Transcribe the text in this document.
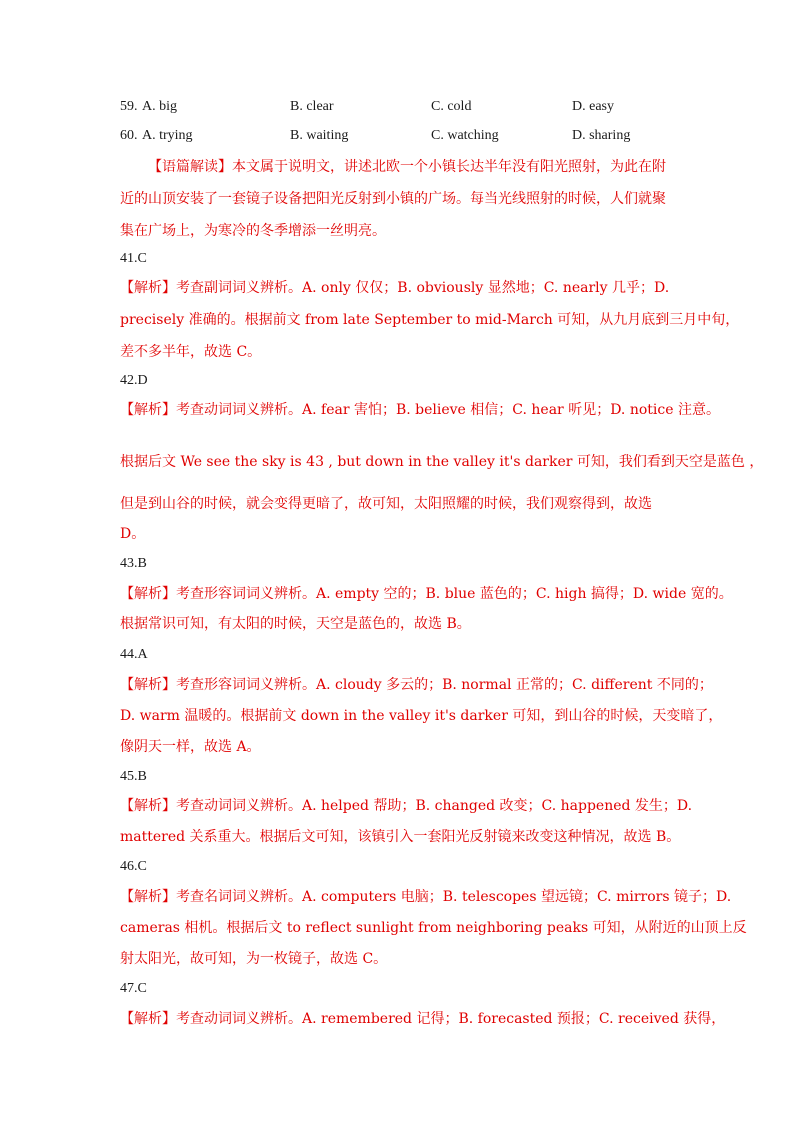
59. A. big	B. clear	C. cold	D. easy
60. A. trying	B. waiting	C. watching	D. sharing
【语篇解读】本文属于说明文，讲述北欧一个小镇长达半年没有阳光照射，为此在附
近的山顶安装了一套镜子设备把阳光反射到小镇的广场。每当光线照射的时候，人们就聚
集在广场上，为寒冷的冬季增添一丝明亮。
41.C
【解析】考查副词词义辨析。A. only 仅仅；B. obviously 显然地；C. nearly 几乎；D.
precisely 准确的。根据前文 from late September to mid-March 可知，从九月底到三月中旬，
差不多半年，故选 C。
42.D
【解析】考查动词词义辨析。A. fear 害怕；B. believe 相信；C. hear 听见；D. notice 注意。
根据后文 We see the sky is 43 , but down in the valley it's darker 可知，我们看到天空是蓝色 ，
但是到山谷的时候，就会变得更暗了，故可知，太阳照耀的时候，我们观察得到，故选
D。
43.B
【解析】考查形容词词义辨析。A. empty 空的；B. blue 蓝色的；C. high 搞得；D. wide 宽的。
根据常识可知，有太阳的时候，天空是蓝色的，故选 B。
44.A
【解析】考查形容词词义辨析。A. cloudy 多云的；B. normal 正常的；C. different 不同的；
D. warm 温暖的。根据前文 down in the valley it's darker 可知，到山谷的时候，天变暗了，
像阴天一样，故选 A。
45.B
【解析】考查动词词义辨析。A. helped 帮助；B. changed 改变；C. happened 发生；D.
mattered 关系重大。根据后文可知，该镇引入一套阳光反射镜来改变这种情况，故选 B。
46.C
【解析】考查名词词义辨析。A. computers 电脑；B. telescopes 望远镜；C. mirrors 镜子；D.
cameras 相机。根据后文 to reflect sunlight from neighboring peaks 可知，从附近的山顶上反
射太阳光，故可知，为一枚镜子，故选 C。
47.C
【解析】考查动词词义辨析。A. remembered 记得；B. forecasted 预报；C. received 获得，
